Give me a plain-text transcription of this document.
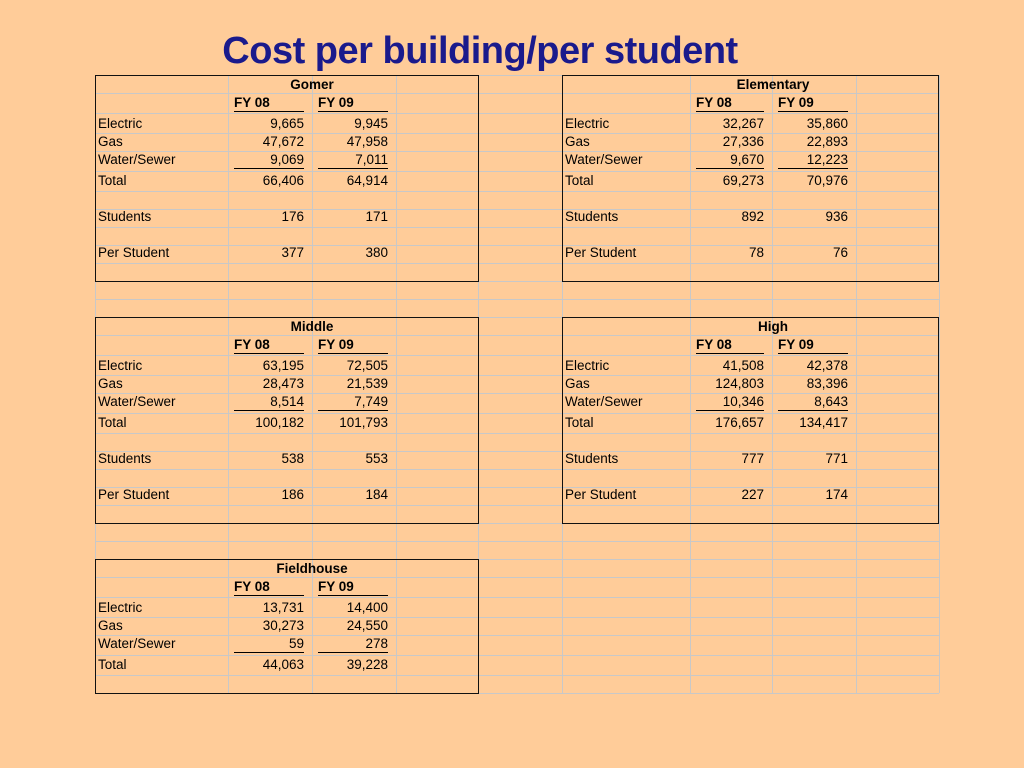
Cost per building/per student
Gomer
FY 08	FY 09
Electric	9,665	9,945
Gas	47,672	47,958
Water/Sewer	9,069	7,011
Total	66,406	64,914
Students	176	171
Per Student	377	380
Elementary
FY 08	FY 09
Electric	32,267	35,860
Gas	27,336	22,893
Water/Sewer	9,670	12,223
Total	69,273	70,976
Students	892	936
Per Student	78	76
Middle
FY 08	FY 09
Electric	63,195	72,505
Gas	28,473	21,539
Water/Sewer	8,514	7,749
Total	100,182	101,793
Students	538	553
Per Student	186	184
High
FY 08	FY 09
Electric	41,508	42,378
Gas	124,803	83,396
Water/Sewer	10,346	8,643
Total	176,657	134,417
Students	777	771
Per Student	227	174
Fieldhouse
FY 08	FY 09
Electric	13,731	14,400
Gas	30,273	24,550
Water/Sewer	59	278
Total	44,063	39,228
